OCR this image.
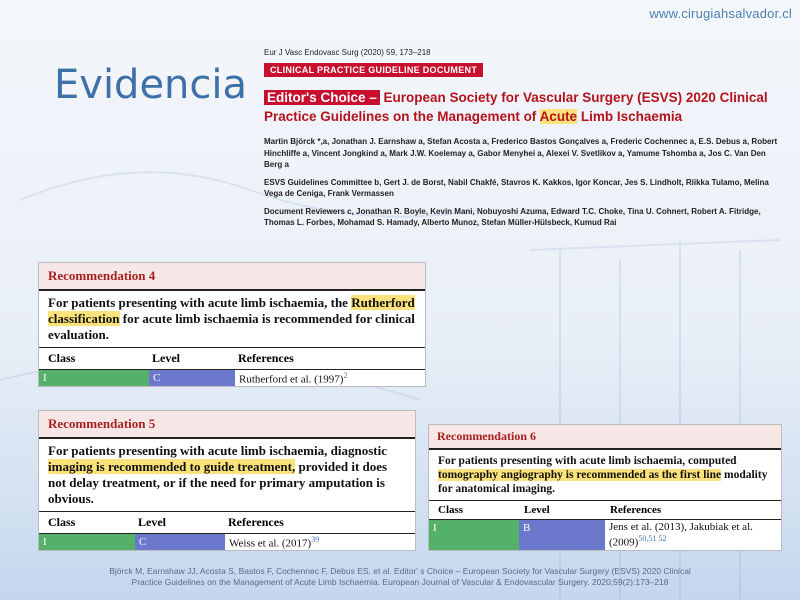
www.cirugiahsalvador.cl
Evidencia
Eur J Vasc Endovasc Surg (2020) 59, 173–218
CLINICAL PRACTICE GUIDELINE DOCUMENT
Editor's Choice – European Society for Vascular Surgery (ESVS) 2020 Clinical Practice Guidelines on the Management of Acute Limb Ischaemia

Martin Björck *,a, Jonathan J. Earnshaw a, Stefan Acosta a, Frederico Bastos Gonçalves a, Frederic Cochennec a, E.S. Debus a, Robert Hinchliffe a, Vincent Jongkind a, Mark J.W. Koelemay a, Gabor Menyhei a, Alexei V. Svetlikov a, Yamume Tshomba a, Jos C. Van Den Berg a

ESVS Guidelines Committee b, Gert J. de Borst, Nabil Chakfé, Stavros K. Kakkos, Igor Koncar, Jes S. Lindholt, Riikka Tulamo, Melina Vega de Ceniga, Frank Vermassen

Document Reviewers c, Jonathan R. Boyle, Kevin Mani, Nobuyoshi Azuma, Edward T.C. Choke, Tina U. Cohnert, Robert A. Fitridge, Thomas L. Forbes, Mohamad S. Hamady, Alberto Munoz, Stefan Müller-Hülsbeck, Kumud Rai

Recommendation 4
For patients presenting with acute limb ischaemia, the Rutherford classification for acute limb ischaemia is recommended for clinical evaluation.
Class	Level	References
I	C	Rutherford et al. $(1997)^2$
Recommendation 5
For patients presenting with acute limb ischaemia, diagnostic imaging is recommended to guide treatment, provided it does not delay treatment, or if the need for primary amputation is obvious.
Class	Level	References
I	C	Weiss et al. $(2017)^{39}$
Recommendation 6
For patients presenting with acute limb ischaemia, computed tomography angiography is recommended as the first line modality for anatomical imaging.
Class	Level	References
I	B	Jens et al. (2013), Jakubiak et al. $(2009)^{50,51 52}$
Björck M, Earnshaw JJ, Acosta S, Bastos F, Cochennec F, Debus ES, et al. Editor' s Choice – European Society for Vascular Surgery (ESVS) 2020 Clinical
Practice Guidelines on the Management of Acute Limb Ischaemia. European Journal of Vascular & Endovascular Surgery. 2020;59(2):173–218
